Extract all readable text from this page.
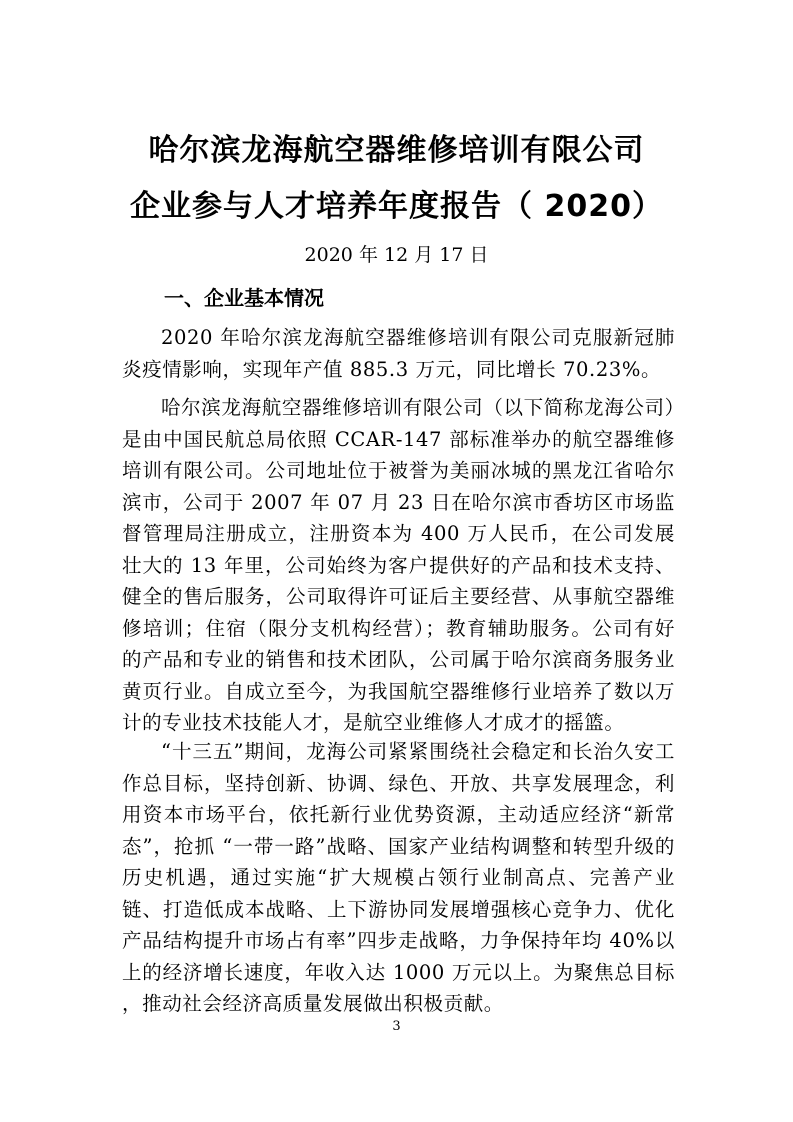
哈尔滨龙海航空器维修培训有限公司
企业参与人才培养年度报告（ 2020）
2020 年 12 月 17 日
一、企业基本情况

2020 年哈尔滨龙海航空器维修培训有限公司克服新冠肺炎疫情影响，实现年产值 885.3 万元，同比增长 70.23%。

哈尔滨龙海航空器维修培训有限公司（以下简称龙海公司）是由中国民航总局依照 CCAR-147 部标准举办的航空器维修培训有限公司。公司地址位于被誉为美丽冰城的黑龙江省哈尔滨市，公司于 2007 年 07 月 23 日在哈尔滨市香坊区市场监督管理局注册成立，注册资本为 400 万人民币，在公司发展壮大的 13 年里，公司始终为客户提供好的产品和技术支持、健全的售后服务，公司取得许可证后主要经营、从事航空器维修培训；住宿（限分支机构经营）；教育辅助服务。公司有好的产品和专业的销售和技术团队，公司属于哈尔滨商务服务业黄页行业。自成立至今，为我国航空器维修行业培养了数以万计的专业技术技能人才，是航空业维修人才成才的摇篮。

“十三五”期间，龙海公司紧紧围绕社会稳定和长治久安工作总目标，坚持创新、协调、绿色、开放、共享发展理念，利用资本市场平台，依托新行业优势资源，主动适应经济“新常态”，抢抓 “一带一路”战略、国家产业结构调整和转型升级的历史机遇，通过实施“扩大规模占领行业制高点、完善产业链、打造低成本战略、上下游协同发展增强核心竞争力、优化产品结构提升市场占有率”四步走战略，力争保持年均 40%以上的经济增长速度，年收入达 1000 万元以上。为聚焦总目标 ，推动社会经济高质量发展做出积极贡献。

3
